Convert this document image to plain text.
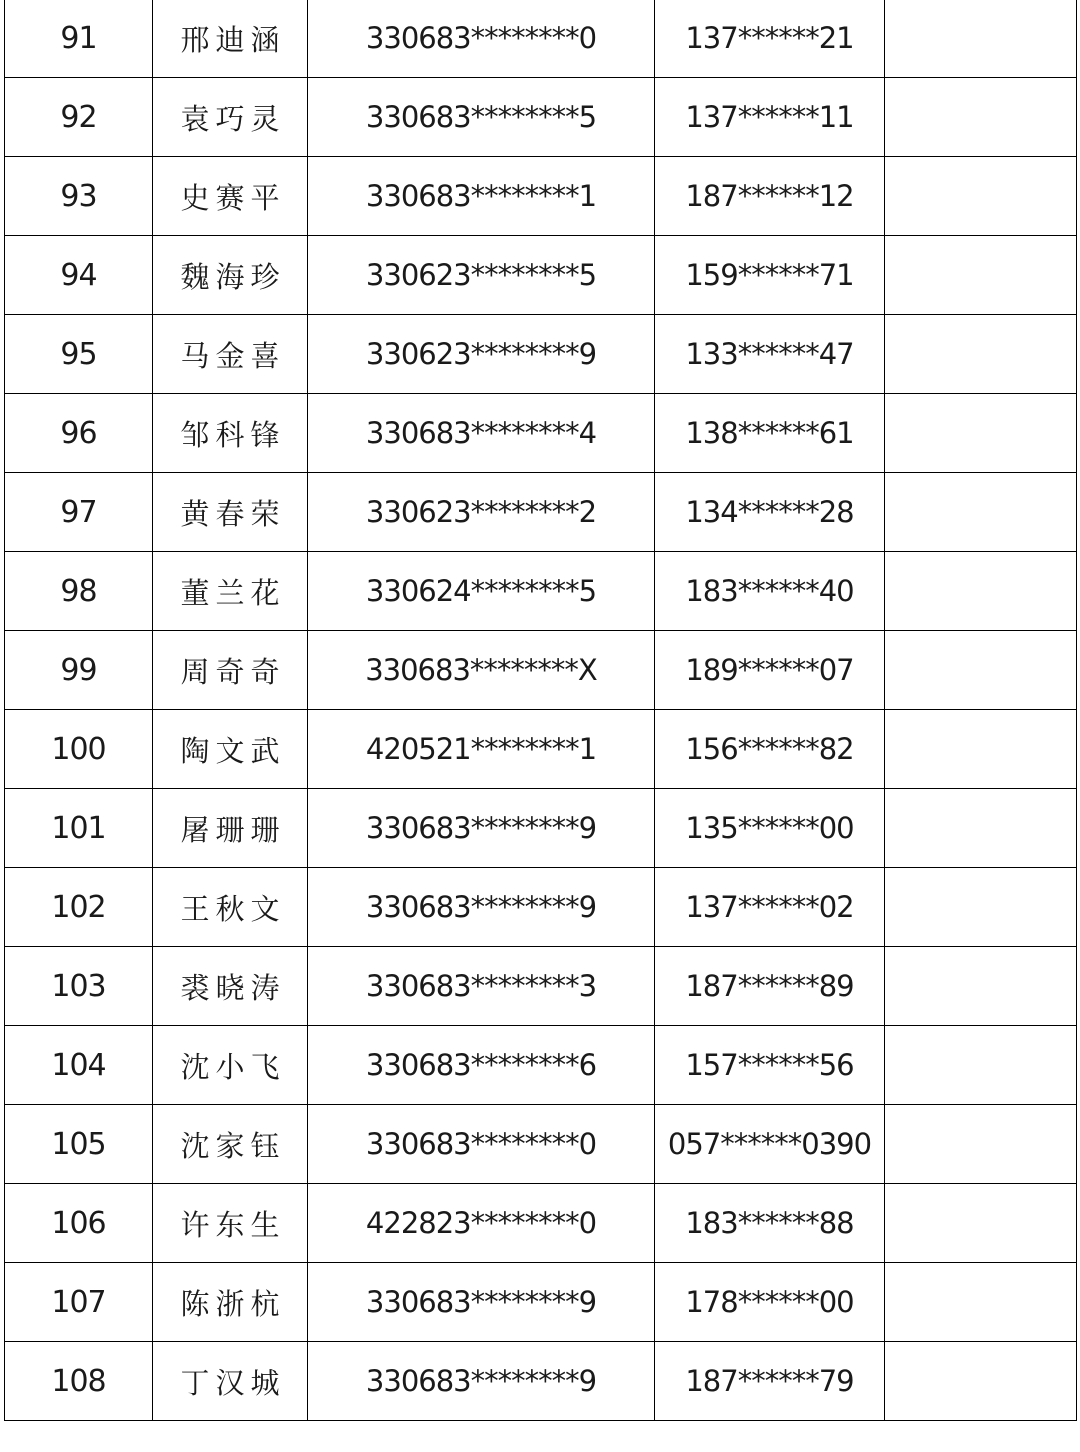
91	邢迪涵	330683********0	137******21	
92	袁巧灵	330683********5	137******11	
93	史赛平	330683********1	187******12	
94	魏海珍	330623********5	159******71	
95	马金喜	330623********9	133******47	
96	邹科锋	330683********4	138******61	
97	黄春荣	330623********2	134******28	
98	董兰花	330624********5	183******40	
99	周奇奇	330683********X	189******07	
100	陶文武	420521********1	156******82	
101	屠珊珊	330683********9	135******00	
102	王秋文	330683********9	137******02	
103	裘晓涛	330683********3	187******89	
104	沈小飞	330683********6	157******56	
105	沈家钰	330683********0	057******0390	
106	许东生	422823********0	183******88	
107	陈浙杭	330683********9	178******00	
108	丁汉城	330683********9	187******79	
